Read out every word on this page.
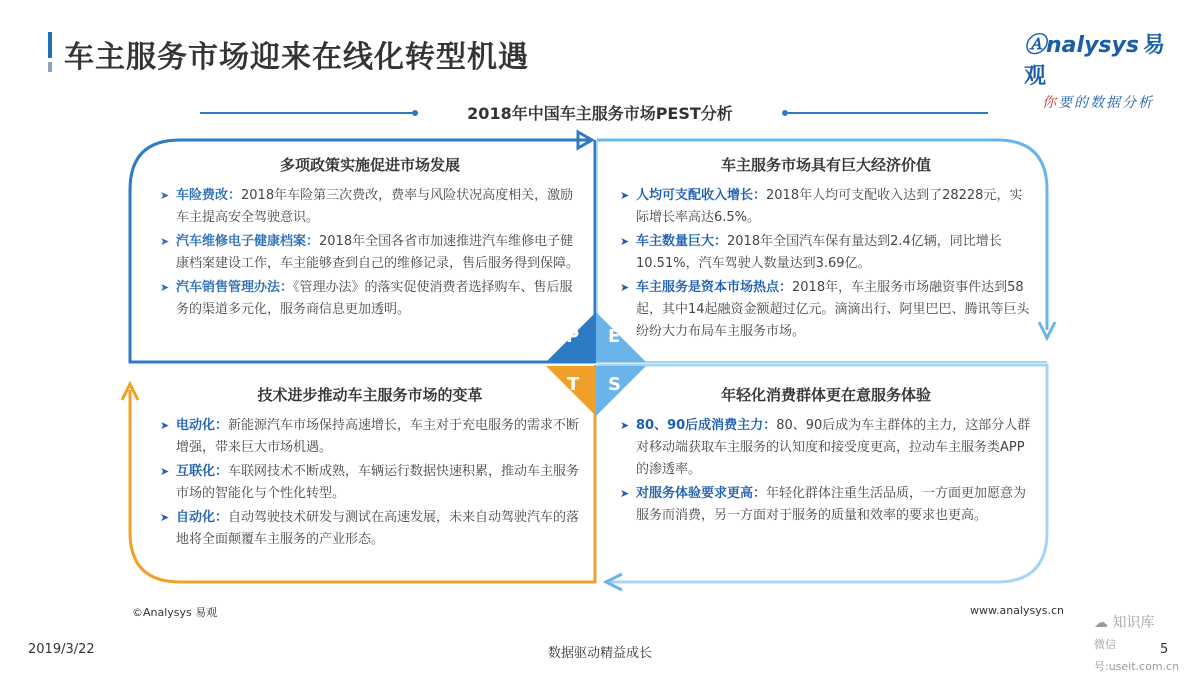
车主服务市场迎来在线化转型机遇	Ⓐnalysys 易观
你要的数据分析
2018年中国车主服务市场PEST分析
P E
T S
多项政策实施促进市场发展
➤ 车险费改：2018年车险第三次费改，费率与风险状况高度相关，激励车主提高安全驾驶意识。
➤ 汽车维修电子健康档案：2018年全国各省市加速推进汽车维修电子健康档案建设工作，车主能够查到自己的维修记录，售后服务得到保障。
➤ 汽车销售管理办法：《管理办法》的落实促使消费者选择购车、售后服务的渠道多元化，服务商信息更加透明。
车主服务市场具有巨大经济价值
➤ 人均可支配收入增长：2018年人均可支配收入达到了28228元，实际增长率高达6.5%。
➤ 车主数量巨大：2018年全国汽车保有量达到2.4亿辆，同比增长10.51%，汽车驾驶人数量达到3.69亿。
➤ 车主服务是资本市场热点：2018年，车主服务市场融资事件达到58起，其中14起融资金额超过亿元。滴滴出行、阿里巴巴、腾讯等巨头纷纷大力布局车主服务市场。
技术进步推动车主服务市场的变革
➤ 电动化：新能源汽车市场保持高速增长，车主对于充电服务的需求不断增强，带来巨大市场机遇。
➤ 互联化：车联网技术不断成熟，车辆运行数据快速积累，推动车主服务市场的智能化与个性化转型。
➤ 自动化：自动驾驶技术研发与测试在高速发展，未来自动驾驶汽车的落地将全面颠覆车主服务的产业形态。
年轻化消费群体更在意服务体验
➤ 80、90后成消费主力：80、90后成为车主群体的主力，这部分人群对移动端获取车主服务的认知度和接受度更高，拉动车主服务类APP的渗透率。
➤ 对服务体验要求更高：年轻化群体注重生活品质，一方面更加愿意为服务而消费，另一方面对于服务的质量和效率的要求也更高。
©Analysys 易观	www.analysys.cn
2019/3/22	数据驱动精益成长
☁ 知识库
微信号:useit.com.cn
5
